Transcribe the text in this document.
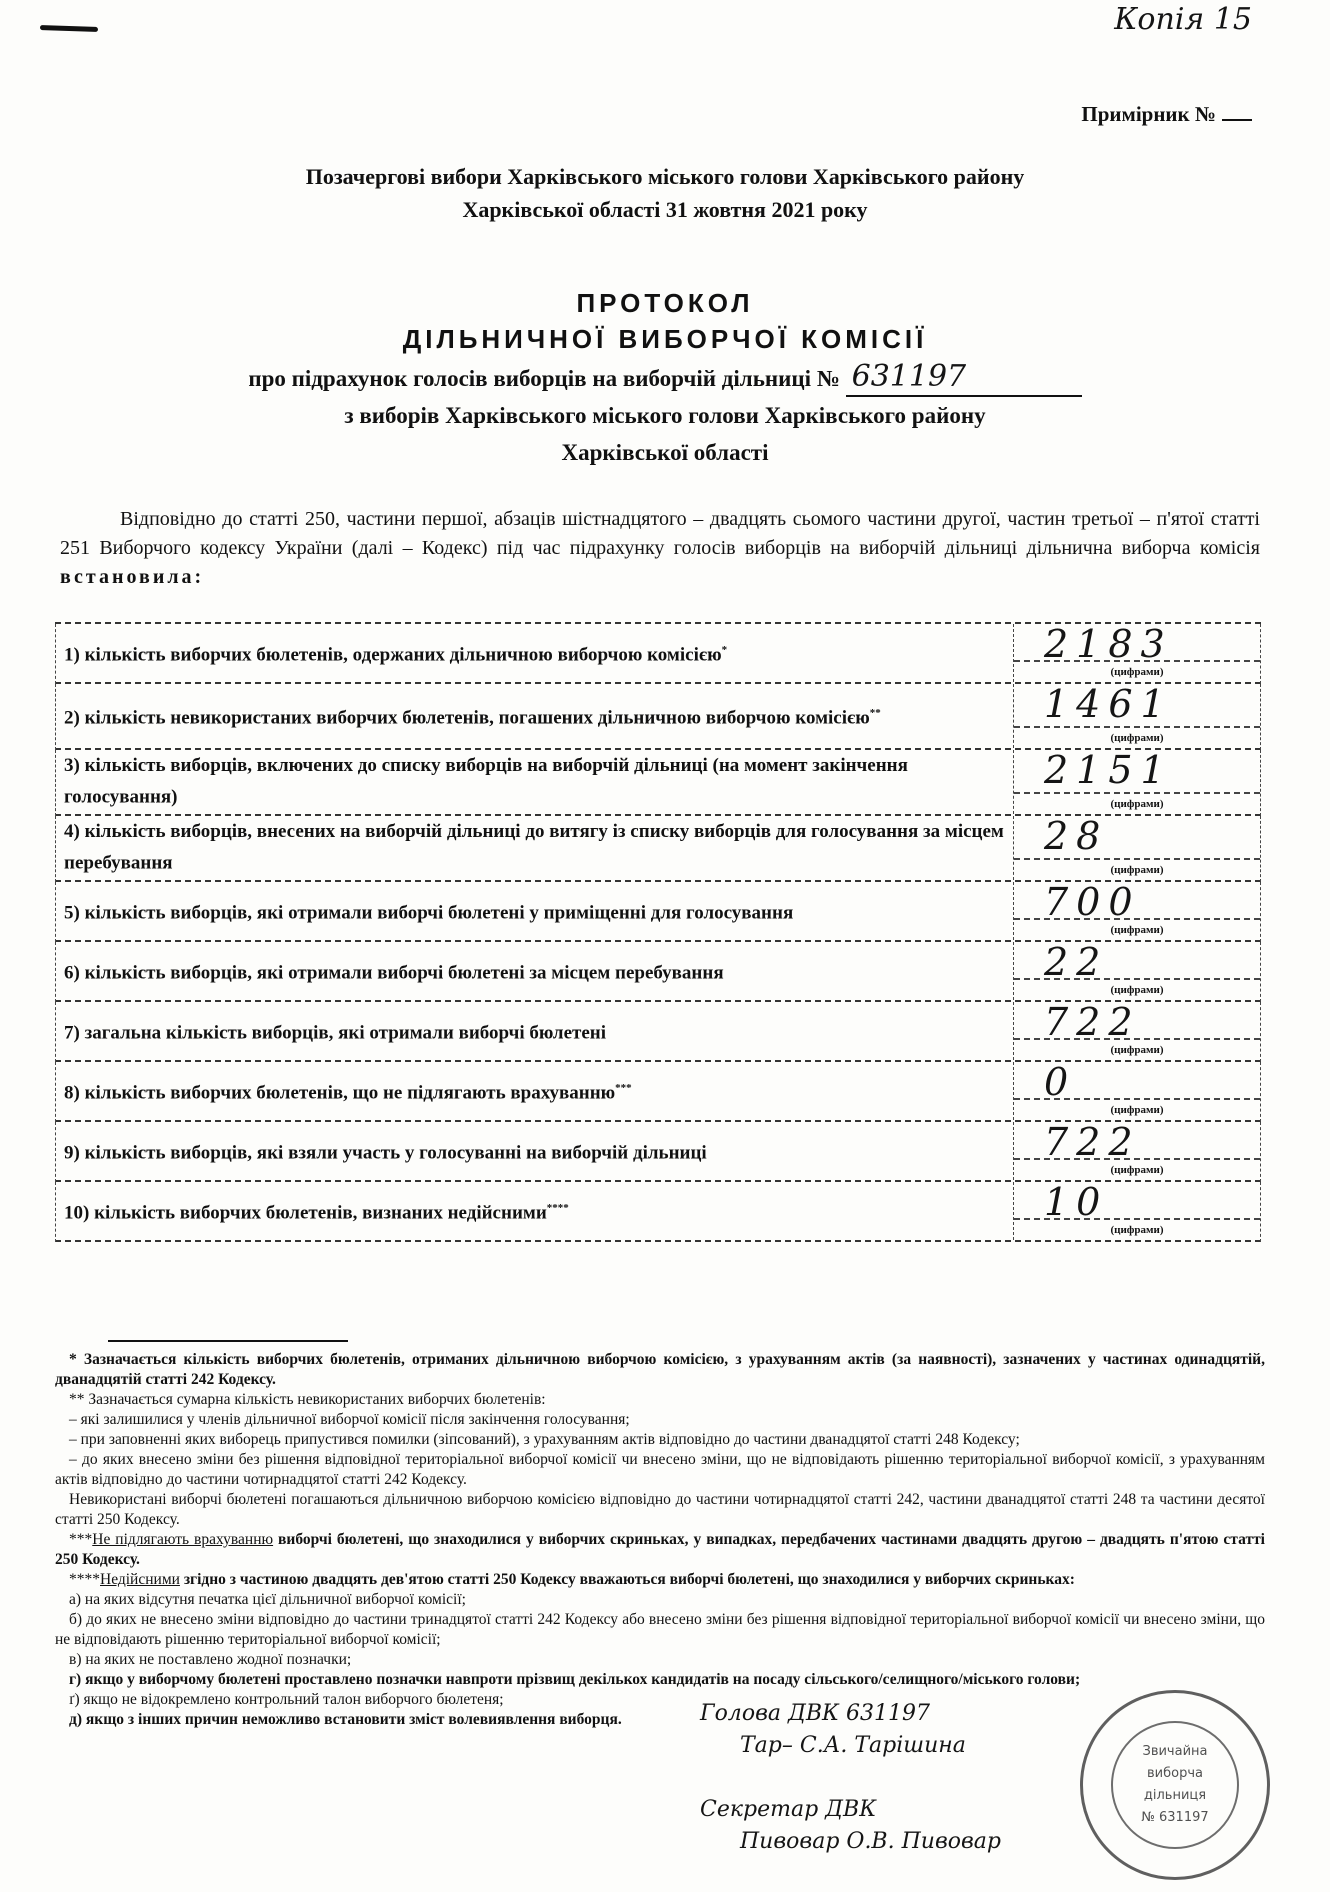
Копія 15
Примірник №
Позачергові вибори Харківського міського голови Харківського району
Харківської області 31 жовтня 2021 року
ПРОТОКОЛ
ДІЛЬНИЧНОЇ ВИБОРЧОЇ КОМІСІЇ
про підрахунок голосів виборців на виборчій дільниці № 631197
з виборів Харківського міського голови Харківського району
Харківської області
Відповідно до статті 250, частини першої, абзаців шістнадцятого – двадцять сьомого частини другої, частин третьої – п'ятої статті 251 Виборчого кодексу України (далі – Кодекс) під час підрахунку голосів виборців на виборчій дільниці дільнична виборча комісія встановила:
1) кількість виборчих бюлетенів, одержаних дільничною виборчою комісією*	2183
(цифрами)
2) кількість невикористаних виборчих бюлетенів, погашених дільничною виборчою комісією**	1461
(цифрами)
3) кількість виборців, включених до списку виборців на виборчій дільниці (на момент закінчення голосування)
2151
(цифрами)
4) кількість виборців, внесених на виборчій дільниці до витягу із списку виборців для голосування за місцем перебування
28
(цифрами)
5) кількість виборців, які отримали виборчі бюлетені у приміщенні для голосування	700
(цифрами)
6) кількість виборців, які отримали виборчі бюлетені за місцем перебування	22
(цифрами)
7) загальна кількість виборців, які отримали виборчі бюлетені	722
(цифрами)
8) кількість виборчих бюлетенів, що не підлягають врахуванню***	0
(цифрами)
9) кількість виборців, які взяли участь у голосуванні на виборчій дільниці	722
(цифрами)
10) кількість виборчих бюлетенів, визнаних недійсними****	10
(цифрами)

* Зазначається кількість виборчих бюлетенів, отриманих дільничною виборчою комісією, з урахуванням актів (за наявності), зазначених у частинах одинадцятій, дванадцятій статті 242 Кодексу.

** Зазначається сумарна кількість невикористаних виборчих бюлетенів:

– які залишилися у членів дільничної виборчої комісії після закінчення голосування;

– при заповненні яких виборець припустився помилки (зіпсований), з урахуванням актів відповідно до частини дванадцятої статті 248 Кодексу;

– до яких внесено зміни без рішення відповідної територіальної виборчої комісії чи внесено зміни, що не відповідають рішенню територіальної виборчої комісії, з урахуванням актів відповідно до частини чотирнадцятої статті 242 Кодексу.

Невикористані виборчі бюлетені погашаються дільничною виборчою комісією відповідно до частини чотирнадцятої статті 242, частини дванадцятої статті 248 та частини десятої статті 250 Кодексу.

***Не підлягають врахуванню виборчі бюлетені, що знаходилися у виборчих скриньках, у випадках, передбачених частинами двадцять другою – двадцять п'ятою статті 250 Кодексу.

****Недійсними згідно з частиною двадцять дев'ятою статті 250 Кодексу вважаються виборчі бюлетені, що знаходилися у виборчих скриньках:

а) на яких відсутня печатка цієї дільничної виборчої комісії;

б) до яких не внесено зміни відповідно до частини тринадцятої статті 242 Кодексу або внесено зміни без рішення відповідної територіальної виборчої комісії чи внесено зміни, що не відповідають рішенню територіальної виборчої комісії;

в) на яких не поставлено жодної позначки;

г) якщо у виборчому бюлетені проставлено позначки навпроти прізвищ декількох кандидатів на посаду сільського/селищного/міського голови;

ґ) якщо не відокремлено контрольний талон виборчого бюлетеня;

д) якщо з інших причин неможливо встановити зміст волевиявлення виборця.	Голова ДВК 631197
Тар– С.А. Тарішина
Секретар ДВК
Пивовар О.В. Пивовар
Звичайна
виборча
дільниця
№ 631197
